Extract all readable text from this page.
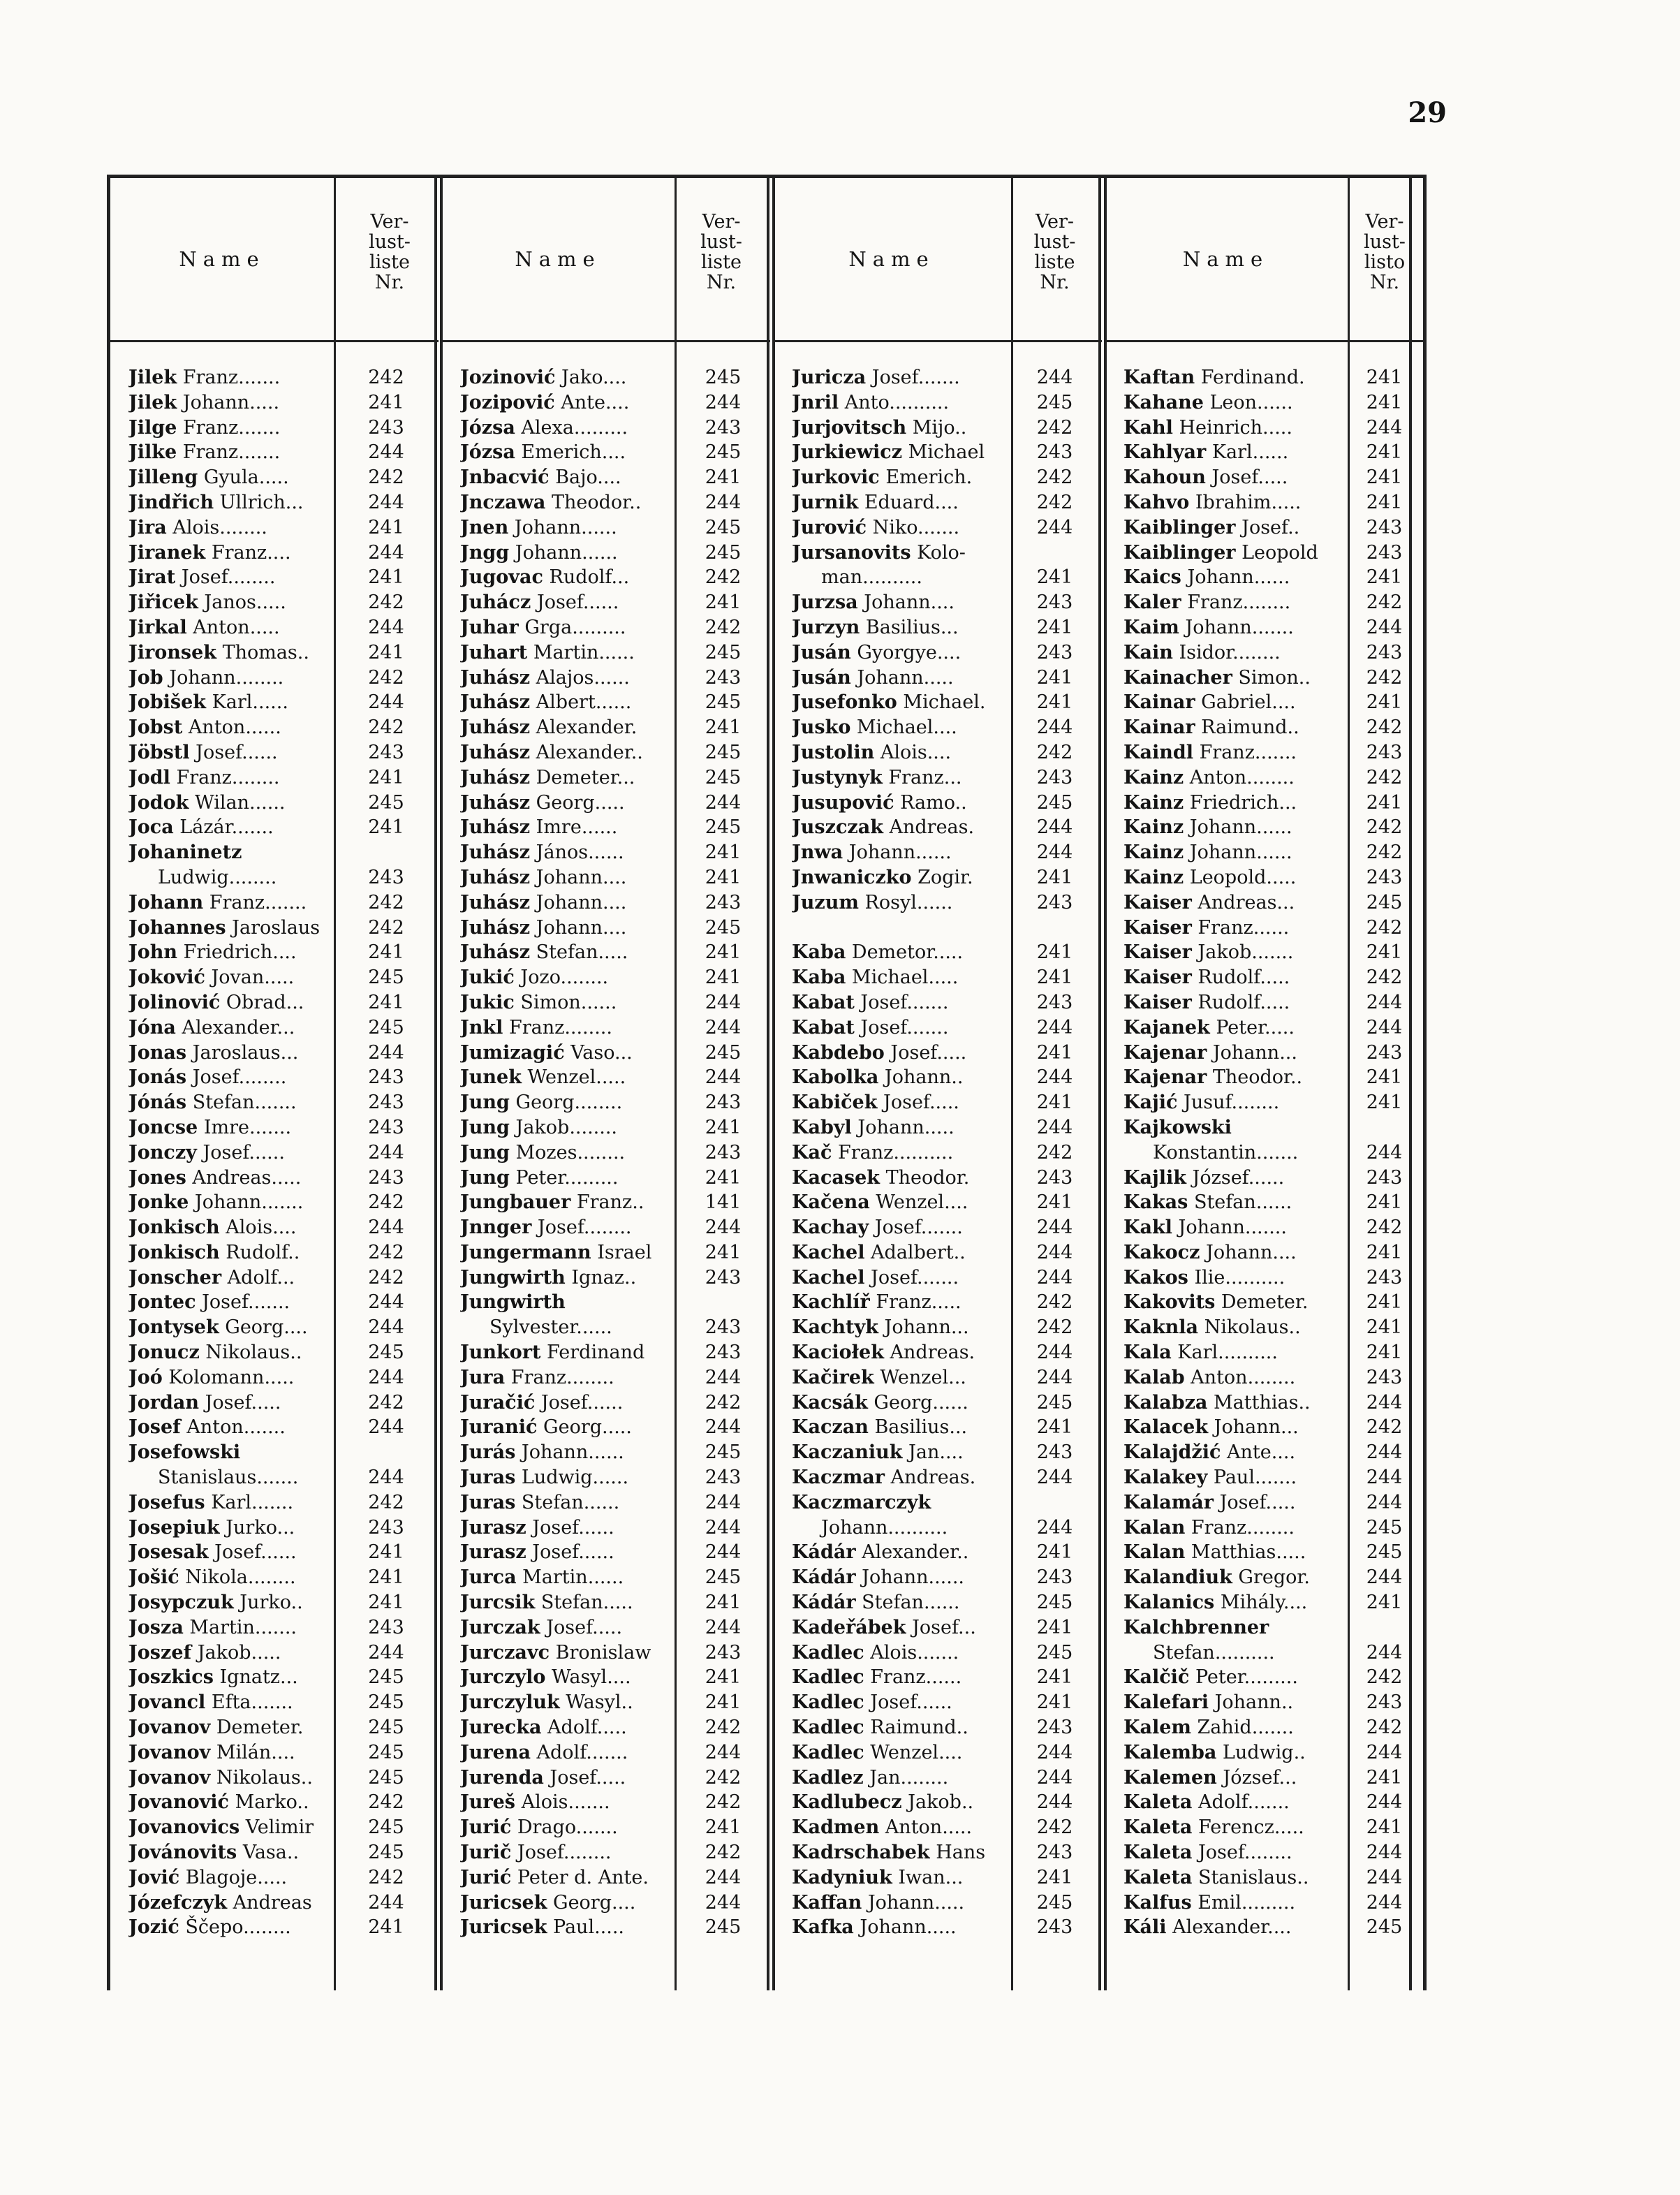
29
Name
Ver-
lust-
liste
Nr.
Jilek Franz.......	242
Jilek Johann.....	241
Jilge Franz.......	243
Jilke Franz.......	244
Jilleng Gyula.....	242
Jindřich Ullrich...	244
Jira Alois........	241
Jiranek Franz....	244
Jirat Josef........	241
Jiřicek Janos.....	242
Jirkal Anton.....	244
Jironsek Thomas..	241
Job Johann........	242
Jobišek Karl......	244
Jobst Anton......	242
Jöbstl Josef......	243
Jodl Franz........	241
Jodok Wilan......	245
Joca Lázár.......	241
Johaninetz
Ludwig........	243
Johann Franz.......	242
Johannes Jaroslaus	242
John Friedrich....	241
Joković Jovan.....	245
Jolinović Obrad...	241
Jóna Alexander...	245
Jonas Jaroslaus...	244
Jonás Josef........	243
Jónás Stefan.......	243
Joncse Imre.......	243
Jonczy Josef......	244
Jones Andreas.....	243
Jonke Johann.......	242
Jonkisch Alois....	244
Jonkisch Rudolf..	242
Jonscher Adolf...	242
Jontec Josef.......	244
Jontysek Georg....	244
Jonucz Nikolaus..	245
Joó Kolomann.....	244
Jordan Josef.....	242
Josef Anton.......	244
Josefowski
Stanislaus.......	244
Josefus Karl.......	242
Josepiuk Jurko...	243
Josesak Josef......	241
Jošić Nikola........	241
Josypczuk Jurko..	241
Josza Martin.......	243
Joszef Jakob.....	244
Joszkics Ignatz...	245
Jovancl Efta.......	245
Jovanov Demeter.	245
Jovanov Milán....	245
Jovanov Nikolaus..	245
Jovanović Marko..	242
Jovanovics Velimir	245
Jovánovits Vasa..	245
Jović Blagoje.....	242
Józefczyk Andreas	244
Jozić Ščepo........	241
Name
Ver-
lust-
liste
Nr.
Jozinović Jako....	245
Jozipović Ante....	244
Józsa Alexa.........	243
Józsa Emerich....	245
Jnbacvić Bajo....	241
Jnczawa Theodor..	244
Jnen Johann......	245
Jngg Johann......	245
Jugovac Rudolf...	242
Juhácz Josef......	241
Juhar Grga.........	242
Juhart Martin......	245
Juhász Alajos......	243
Juhász Albert......	245
Juhász Alexander.	241
Juhász Alexander..	245
Juhász Demeter...	245
Juhász Georg.....	244
Juhász Imre......	245
Juhász János......	241
Juhász Johann....	241
Juhász Johann....	243
Juhász Johann....	245
Juhász Stefan.....	241
Jukić Jozo........	241
Jukic Simon......	244
Jnkl Franz........	244
Jumizagić Vaso...	245
Junek Wenzel.....	244
Jung Georg........	243
Jung Jakob........	241
Jung Mozes........	243
Jung Peter.........	241
Jungbauer Franz..	141
Jnnger Josef........	244
Jungermann Israel	241
Jungwirth Ignaz..	243
Jungwirth
Sylvester......	243
Junkort Ferdinand	243
Jura Franz........	244
Juračić Josef......	242
Juranić Georg.....	244
Jurás Johann......	245
Juras Ludwig......	243
Juras Stefan......	244
Jurasz Josef......	244
Jurasz Josef......	244
Jurca Martin......	245
Jurcsik Stefan.....	241
Jurczak Josef.....	244
Jurczavc Bronislaw	243
Jurczylo Wasyl....	241
Jurczyluk Wasyl..	241
Jurecka Adolf.....	242
Jurena Adolf.......	244
Jurenda Josef.....	242
Jureš Alois.......	242
Jurić Drago.......	241
Jurič Josef........	242
Jurić Peter d. Ante.	244
Juricsek Georg....	244
Juricsek Paul.....	245
Name
Ver-
lust-
liste
Nr.
Juricza Josef.......	244
Jnril Anto..........	245
Jurjovitsch Mijo..	242
Jurkiewicz Michael	243
Jurkovic Emerich.	242
Jurnik Eduard....	242
Jurović Niko.......	244
Jursanovits Kolo-
man..........	241
Jurzsa Johann....	243
Jurzyn Basilius...	241
Jusán Gyorgye....	243
Jusán Johann.....	241
Jusefonko Michael.	241
Jusko Michael....	244
Justolin Alois....	242
Justynyk Franz...	243
Jusupović Ramo..	245
Juszczak Andreas.	244
Jnwa Johann......	244
Jnwaniczko Zogir.	241
Juzum Rosyl......	243
Kaba Demetor.....	241
Kaba Michael.....	241
Kabat Josef.......	243
Kabat Josef.......	244
Kabdebo Josef.....	241
Kabolka Johann..	244
Kabiček Josef.....	241
Kabyl Johann.....	244
Kač Franz..........	242
Kacasek Theodor.	243
Kačena Wenzel....	241
Kachay Josef.......	244
Kachel Adalbert..	244
Kachel Josef.......	244
Kachlíř Franz.....	242
Kachtyk Johann...	242
Kaciołek Andreas.	244
Kačirek Wenzel...	244
Kacsák Georg......	245
Kaczan Basilius...	241
Kaczaniuk Jan....	243
Kaczmar Andreas.	244
Kaczmarczyk
Johann..........	244
Kádár Alexander..	241
Kádár Johann......	243
Kádár Stefan......	245
Kadeřábek Josef...	241
Kadlec Alois.......	245
Kadlec Franz......	241
Kadlec Josef......	241
Kadlec Raimund..	243
Kadlec Wenzel....	244
Kadlez Jan........	244
Kadlubecz Jakob..	244
Kadmen Anton.....	242
Kadrschabek Hans	243
Kadyniuk Iwan...	241
Kaffan Johann.....	245
Kafka Johann.....	243
Name
Ver-
lust-
listo
Nr.
Kaftan Ferdinand.	241
Kahane Leon......	241
Kahl Heinrich.....	244
Kahlyar Karl......	241
Kahoun Josef.....	241
Kahvo Ibrahim.....	241
Kaiblinger Josef..	243
Kaiblinger Leopold	243
Kaics Johann......	241
Kaler Franz........	242
Kaim Johann.......	244
Kain Isidor........	243
Kainacher Simon..	242
Kainar Gabriel....	241
Kainar Raimund..	242
Kaindl Franz.......	243
Kainz Anton........	242
Kainz Friedrich...	241
Kainz Johann......	242
Kainz Johann......	242
Kainz Leopold.....	243
Kaiser Andreas...	245
Kaiser Franz......	242
Kaiser Jakob.......	241
Kaiser Rudolf.....	242
Kaiser Rudolf.....	244
Kajanek Peter.....	244
Kajenar Johann...	243
Kajenar Theodor..	241
Kajić Jusuf........	241
Kajkowski
Konstantin.......	244
Kajlik József......	243
Kakas Stefan......	241
Kakl Johann.......	242
Kakocz Johann....	241
Kakos Ilie..........	243
Kakovits Demeter.	241
Kaknla Nikolaus..	241
Kala Karl..........	241
Kalab Anton........	243
Kalabza Matthias..	244
Kalacek Johann...	242
Kalajdžić Ante....	244
Kalakey Paul.......	244
Kalamár Josef.....	244
Kalan Franz........	245
Kalan Matthias.....	245
Kalandiuk Gregor.	244
Kalanics Mihály....	241
Kalchbrenner
Stefan..........	244
Kalčič Peter.........	242
Kalefari Johann..	243
Kalem Zahid.......	242
Kalemba Ludwig..	244
Kalemen József...	241
Kaleta Adolf.......	244
Kaleta Ferencz.....	241
Kaleta Josef........	244
Kaleta Stanislaus..	244
Kalfus Emil.........	244
Káli Alexander....	245
